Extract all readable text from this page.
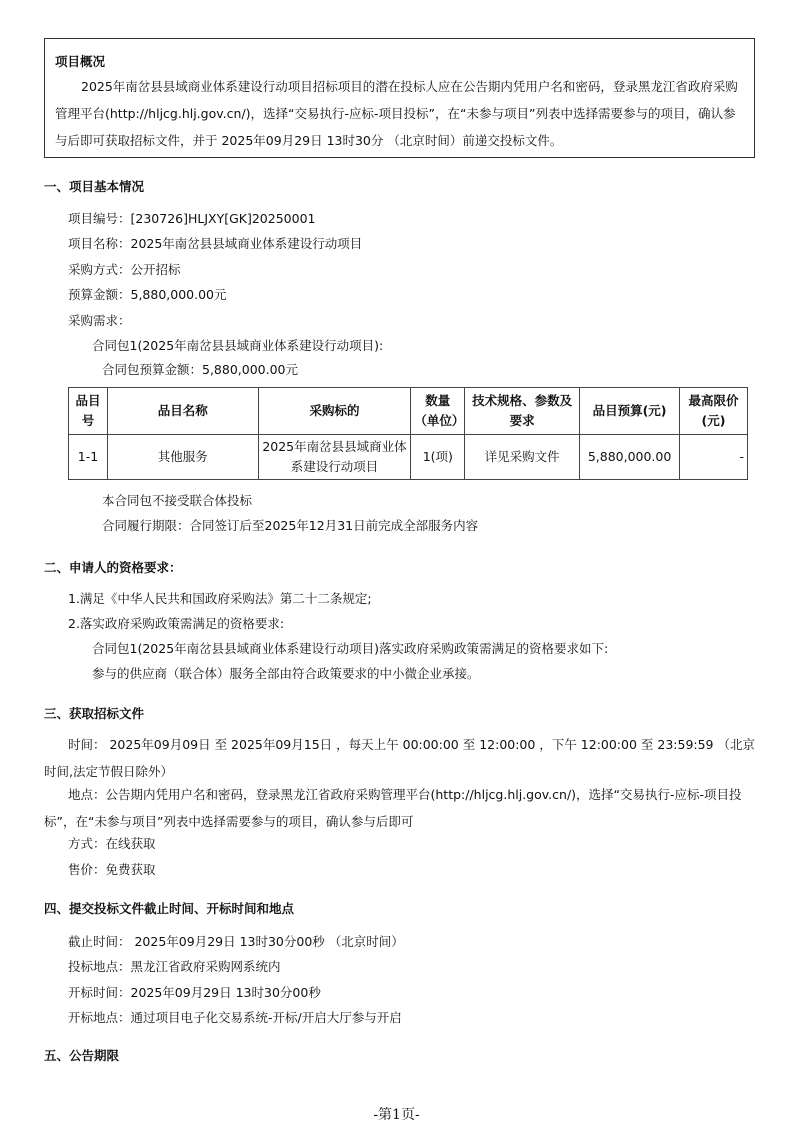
项目概况

2025年南岔县县域商业体系建设行动项目招标项目的潜在投标人应在公告期内凭用户名和密码，登录黑龙江省政府采购管理平台(http://hljcg.hlj.gov.cn/)，选择“交易执行-应标-项目投标”，在“未参与项目”列表中选择需要参与的项目，确认参与后即可获取招标文件，并于 2025年09月29日 13时30分 （北京时间）前递交投标文件。

一、项目基本情况
项目编号：[230726]HLJXY[GK]20250001
项目名称：2025年南岔县县域商业体系建设行动项目
采购方式：公开招标
预算金额：5,880,000.00元
采购需求：
合同包1(2025年南岔县县域商业体系建设行动项目):
合同包预算金额：5,880,000.00元
品目号	品目名称	采购标的	数量（单位）	技术规格、参数及要求	品目预算(元)	最高限价(元)
1-1	其他服务	2025年南岔县县域商业体系建设行动项目	1(项)	详见采购文件	5,880,000.00	-
本合同包不接受联合体投标
合同履行期限：合同签订后至2025年12月31日前完成全部服务内容
二、申请人的资格要求：
1.满足《中华人民共和国政府采购法》第二十二条规定;
2.落实政府采购政策需满足的资格要求:
合同包1(2025年南岔县县域商业体系建设行动项目)落实政府采购政策需满足的资格要求如下:
参与的供应商（联合体）服务全部由符合政策要求的中小微企业承接。
三、获取招标文件
时间： 2025年09月09日 至 2025年09月15日 ，每天上午 00:00:00 至 12:00:00 ，下午 12:00:00 至 23:59:59 （北京时间,法定节假日除外）
地点：公告期内凭用户名和密码，登录黑龙江省政府采购管理平台(http://hljcg.hlj.gov.cn/)，选择“交易执行-应标-项目投标”，在“未参与项目”列表中选择需要参与的项目，确认参与后即可
方式：在线获取
售价：免费获取
四、提交投标文件截止时间、开标时间和地点
截止时间： 2025年09月29日 13时30分00秒 （北京时间）
投标地点：黑龙江省政府采购网系统内
开标时间：2025年09月29日 13时30分00秒
开标地点：通过项目电子化交易系统-开标/开启大厅参与开启
五、公告期限
-第1页-
